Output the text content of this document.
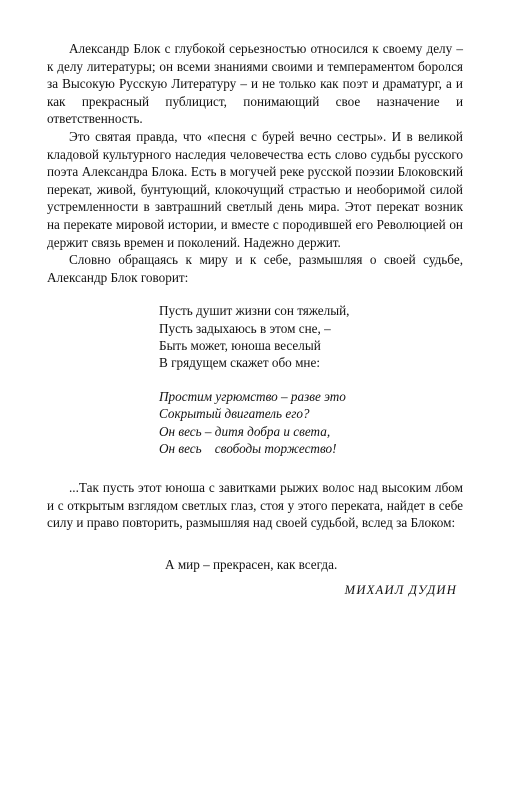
Александр Блок с глубокой серьезностью относился к своему делу – к делу литературы; он всеми знаниями своими и темпераментом боролся за Высокую Русскую Литературу – и не только как поэт и драматург, а и как прекрасный публицист, понимающий свое назначение и ответственность.

Это святая правда, что «песня с бурей вечно сестры». И в великой кладовой культурного наследия человечества есть слово судьбы русского поэта Александра Блока. Есть в могучей реке русской поэзии Блоковский перекат, живой, бунтующий, клокочущий страстью и необоримой силой устремленности в завтрашний светлый день мира. Этот перекат возник на перекате мировой истории, и вместе с породившей его Революцией он держит связь времен и поколений. Надежно держит.

Словно обращаясь к миру и к себе, размышляя о своей судьбе, Александр Блок говорит:

Пусть душит жизни сон тяжелый,
Пусть задыхаюсь в этом сне, –
Быть может, юноша веселый
В грядущем скажет обо мне:
Простим угрюмство – разве это
Сокрытый двигатель его?
Он весь – дитя добра и света,
Он весь    свободы торжество!

...Так пусть этот юноша с завитками рыжих волос над высоким лбом и с открытым взглядом светлых глаз, стоя у этого переката, найдет в себе силу и право повторить, размышляя над своей судьбой, вслед за Блоком:

А мир – прекрасен, как всегда.
МИХАИЛ ДУДИН
